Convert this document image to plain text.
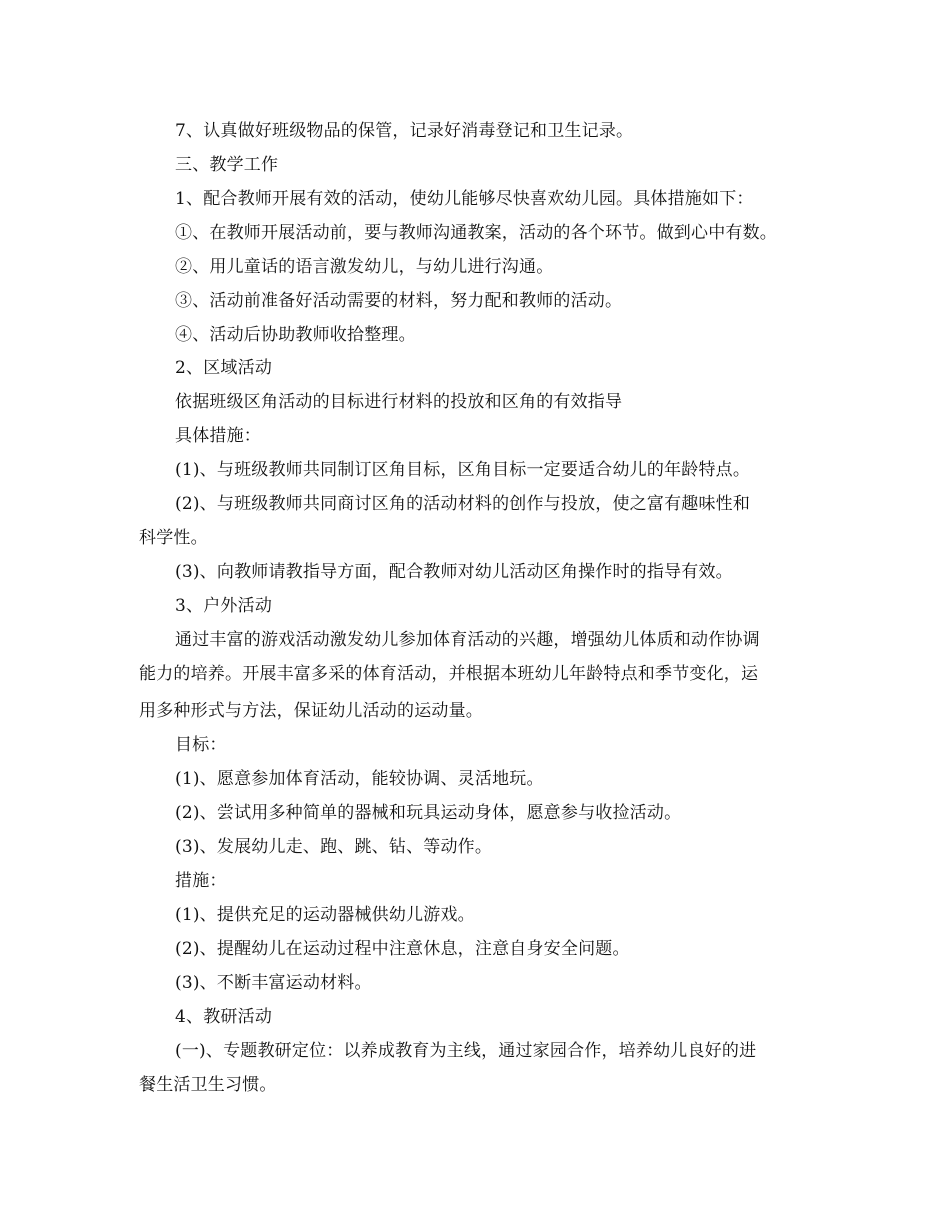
7、认真做好班级物品的保管，记录好消毒登记和卫生记录。
三、教学工作
1、配合教师开展有效的活动，使幼儿能够尽快喜欢幼儿园。具体措施如下：
①、在教师开展活动前，要与教师沟通教案，活动的各个环节。做到心中有数。
②、用儿童话的语言激发幼儿，与幼儿进行沟通。
③、活动前准备好活动需要的材料，努力配和教师的活动。
④、活动后协助教师收拾整理。
2、区域活动
依据班级区角活动的目标进行材料的投放和区角的有效指导
具体措施：
(1)、与班级教师共同制订区角目标，区角目标一定要适合幼儿的年龄特点。
(2)、与班级教师共同商讨区角的活动材料的创作与投放，使之富有趣味性和
科学性。
(3)、向教师请教指导方面，配合教师对幼儿活动区角操作时的指导有效。
3、户外活动
通过丰富的游戏活动激发幼儿参加体育活动的兴趣，增强幼儿体质和动作协调
能力的培养。开展丰富多采的体育活动，并根据本班幼儿年龄特点和季节变化，运
用多种形式与方法，保证幼儿活动的运动量。
目标：
(1)、愿意参加体育活动，能较协调、灵活地玩。
(2)、尝试用多种简单的器械和玩具运动身体，愿意参与收捡活动。
(3)、发展幼儿走、跑、跳、钻、等动作。
措施：
(1)、提供充足的运动器械供幼儿游戏。
(2)、提醒幼儿在运动过程中注意休息，注意自身安全问题。
(3)、不断丰富运动材料。
4、教研活动
(一)、专题教研定位：以养成教育为主线，通过家园合作，培养幼儿良好的进
餐生活卫生习惯。
